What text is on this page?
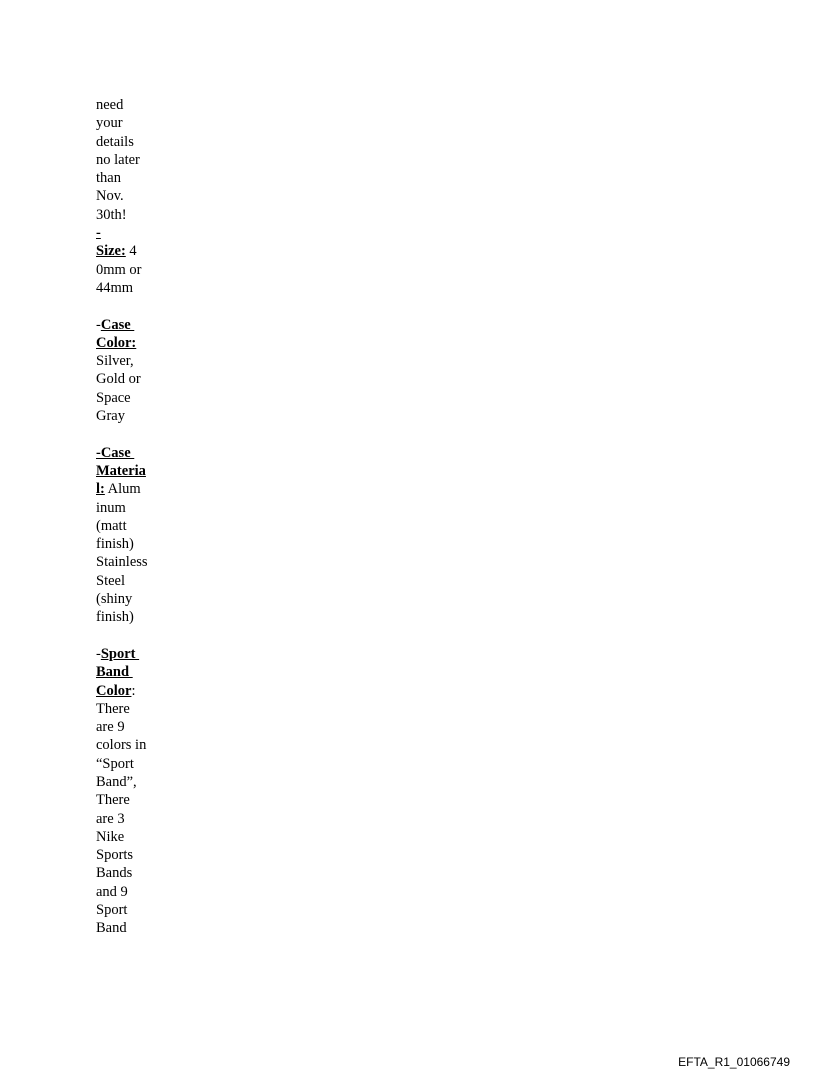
need
your
details
no later
than
Nov.
30th!
-
Size: 4
0mm or
44mm
-Case
Color:
Silver,
Gold or
Space
Gray
-Case
Materia
l: Alum
inum
(matt
finish)
Stainless
Steel
(shiny
finish)
-Sport
Band
Color:
There
are 9
colors in
“Sport
Band”,
There
are 3
Nike
Sports
Bands
and 9
Sport
Band
EFTA_R1_01066749
